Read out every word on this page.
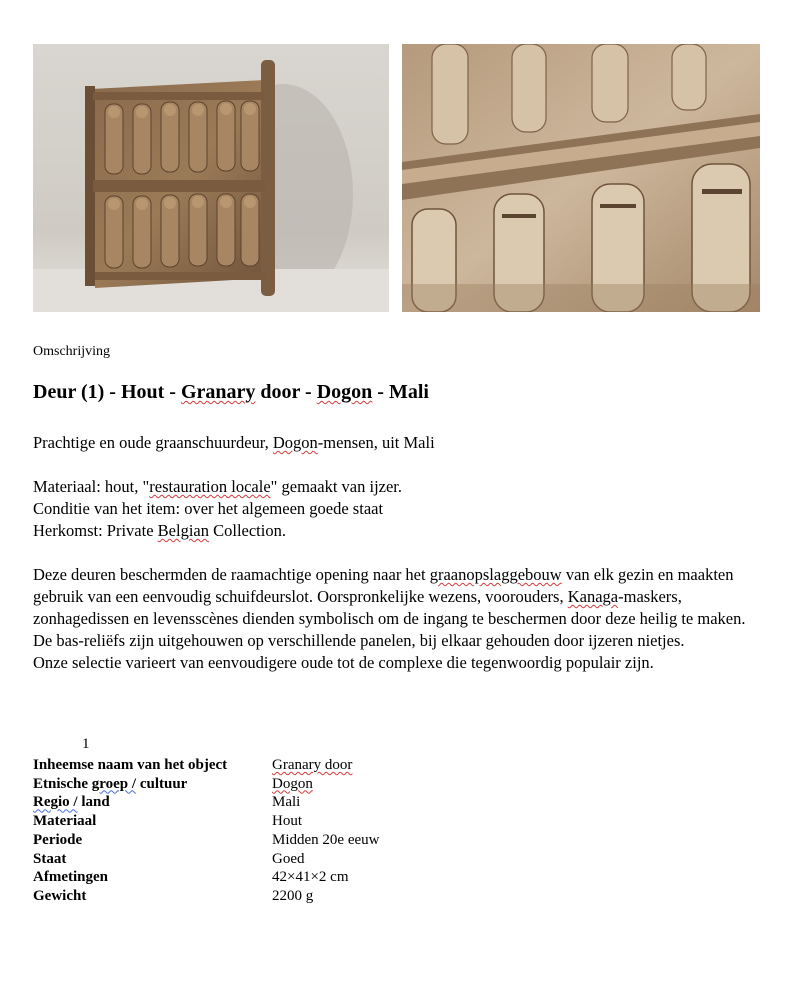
Omschrijving
Deur (1) - Hout - Granary door - Dogon - Mali

Prachtige en oude graanschuurdeur, Dogon-mensen, uit Mali

Materiaal: hout, "restauration locale" gemaakt van ijzer.
Conditie van het item: over het algemeen goede staat
Herkomst: Private Belgian Collection.

Deze deuren beschermden de raamachtige opening naar het graanopslaggebouw van elk gezin en maakten gebruik van een eenvoudig schuifdeurslot. Oorspronkelijke wezens, voorouders, Kanaga-maskers, zonhagedissen en levensscènes dienden symbolisch om de ingang te beschermen door deze heilig te maken. De bas-reliëfs zijn uitgehouwen op verschillende panelen, bij elkaar gehouden door ijzeren nietjes.
Onze selectie varieert van eenvoudigere oude tot de complexe die tegenwoordig populair zijn.

1
Inheemse naam van het object	Granary door
Etnische groep / cultuur	Dogon
Regio / land	Mali
Materiaal	Hout
Periode	Midden 20e eeuw
Staat	Goed
Afmetingen	42×41×2 cm
Gewicht	2200 g
